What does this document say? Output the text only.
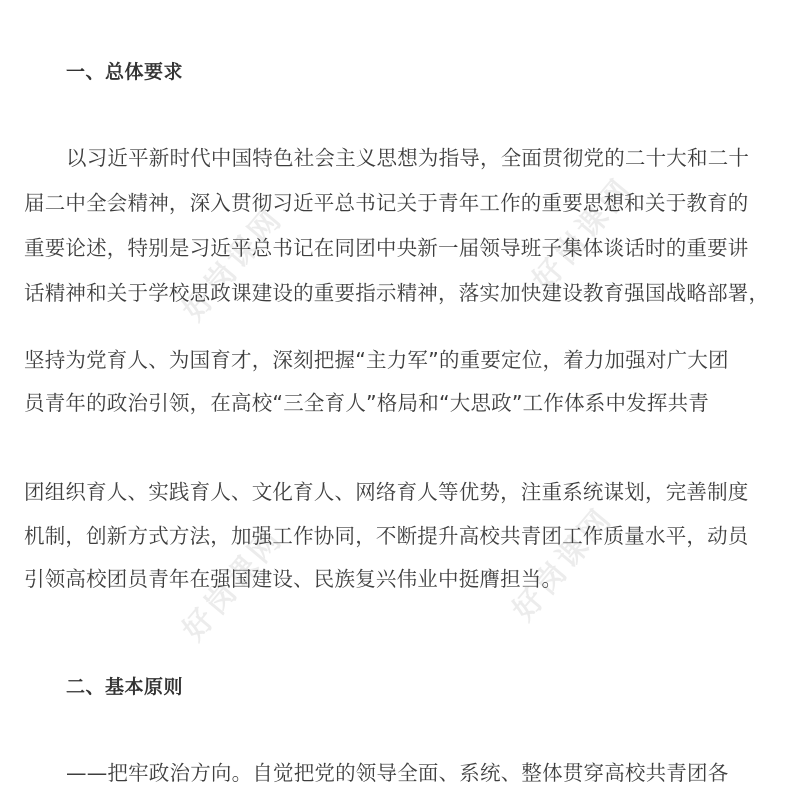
好岗课网	好岗课网
好岗课网	好岗课网
一、总体要求
以习近平新时代中国特色社会主义思想为指导，全面贯彻党的二十大和二十
届二中全会精神，深入贯彻习近平总书记关于青年工作的重要思想和关于教育的
重要论述，特别是习近平总书记在同团中央新一届领导班子集体谈话时的重要讲
话精神和关于学校思政课建设的重要指示精神，落实加快建设教育强国战略部署，
坚持为党育人、为国育才，深刻把握“主力军”的重要定位，着力加强对广大团
员青年的政治引领，在高校“三全育人”格局和“大思政”工作体系中发挥共青
团组织育人、实践育人、文化育人、网络育人等优势，注重系统谋划，完善制度
机制，创新方式方法，加强工作协同，不断提升高校共青团工作质量水平，动员
引领高校团员青年在强国建设、民族复兴伟业中挺膺担当。
二、基本原则
——把牢政治方向。自觉把党的领导全面、系统、整体贯穿高校共青团各
